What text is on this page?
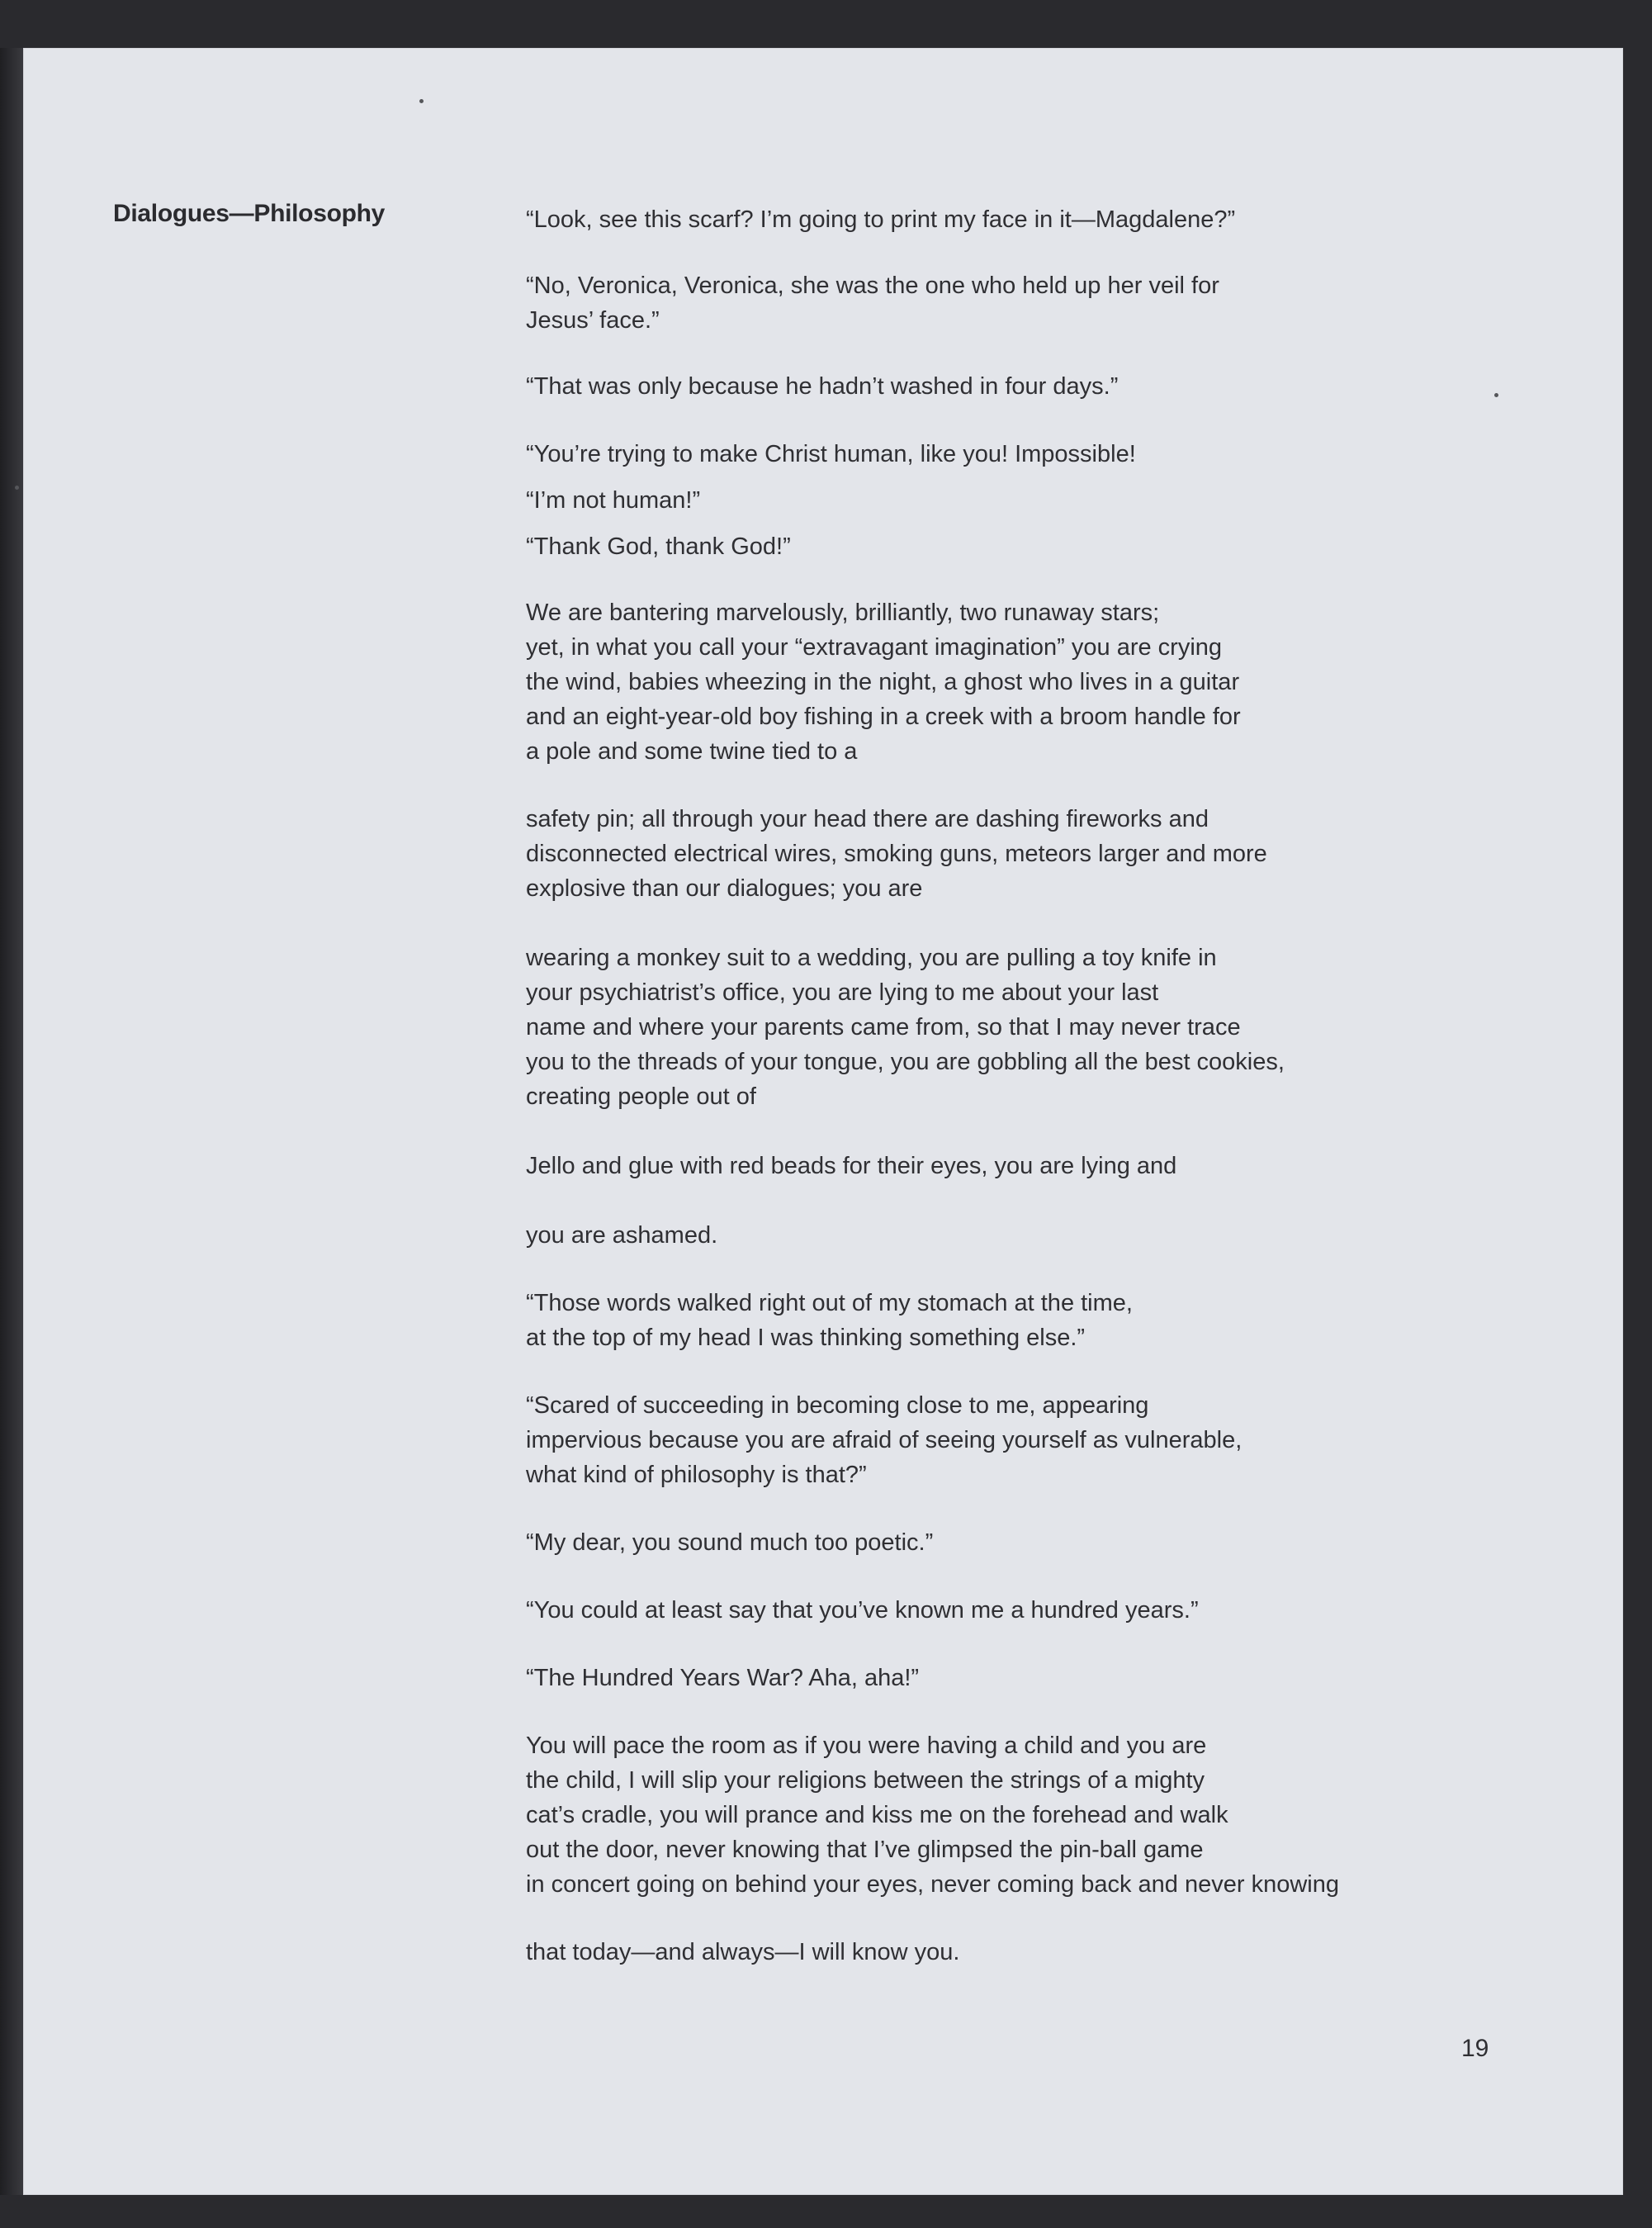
Dialogues—Philosophy	“Look, see this scarf? I’m going to print my face in it—Magdalene?”

“No, Veronica, Veronica, she was the one who held up her veil for
Jesus’ face.”

“That was only because he hadn’t washed in four days.”

“You’re trying to make Christ human, like you! Impossible!

“I’m not human!”

“Thank God, thank God!”

We are bantering marvelously, brilliantly, two runaway stars;
yet, in what you call your “extravagant imagination” you are crying
the wind, babies wheezing in the night, a ghost who lives in a guitar
and an eight-year-old boy fishing in a creek with a broom handle for
a pole and some twine tied to a

safety pin; all through your head there are dashing fireworks and
disconnected electrical wires, smoking guns, meteors larger and more
explosive than our dialogues; you are

wearing a monkey suit to a wedding, you are pulling a toy knife in
your psychiatrist’s office, you are lying to me about your last
name and where your parents came from, so that I may never trace
you to the threads of your tongue, you are gobbling all the best cookies,
creating people out of

Jello and glue with red beads for their eyes, you are lying and

you are ashamed.

“Those words walked right out of my stomach at the time,
at the top of my head I was thinking something else.”

“Scared of succeeding in becoming close to me, appearing
impervious because you are afraid of seeing yourself as vulnerable,
what kind of philosophy is that?”

“My dear, you sound much too poetic.”

“You could at least say that you’ve known me a hundred years.”

“The Hundred Years War? Aha, aha!”

You will pace the room as if you were having a child and you are
the child, I will slip your religions between the strings of a mighty
cat’s cradle, you will prance and kiss me on the forehead and walk
out the door, never knowing that I’ve glimpsed the pin-ball game
in concert going on behind your eyes, never coming back and never knowing

that today—and always—I will know you.

19
